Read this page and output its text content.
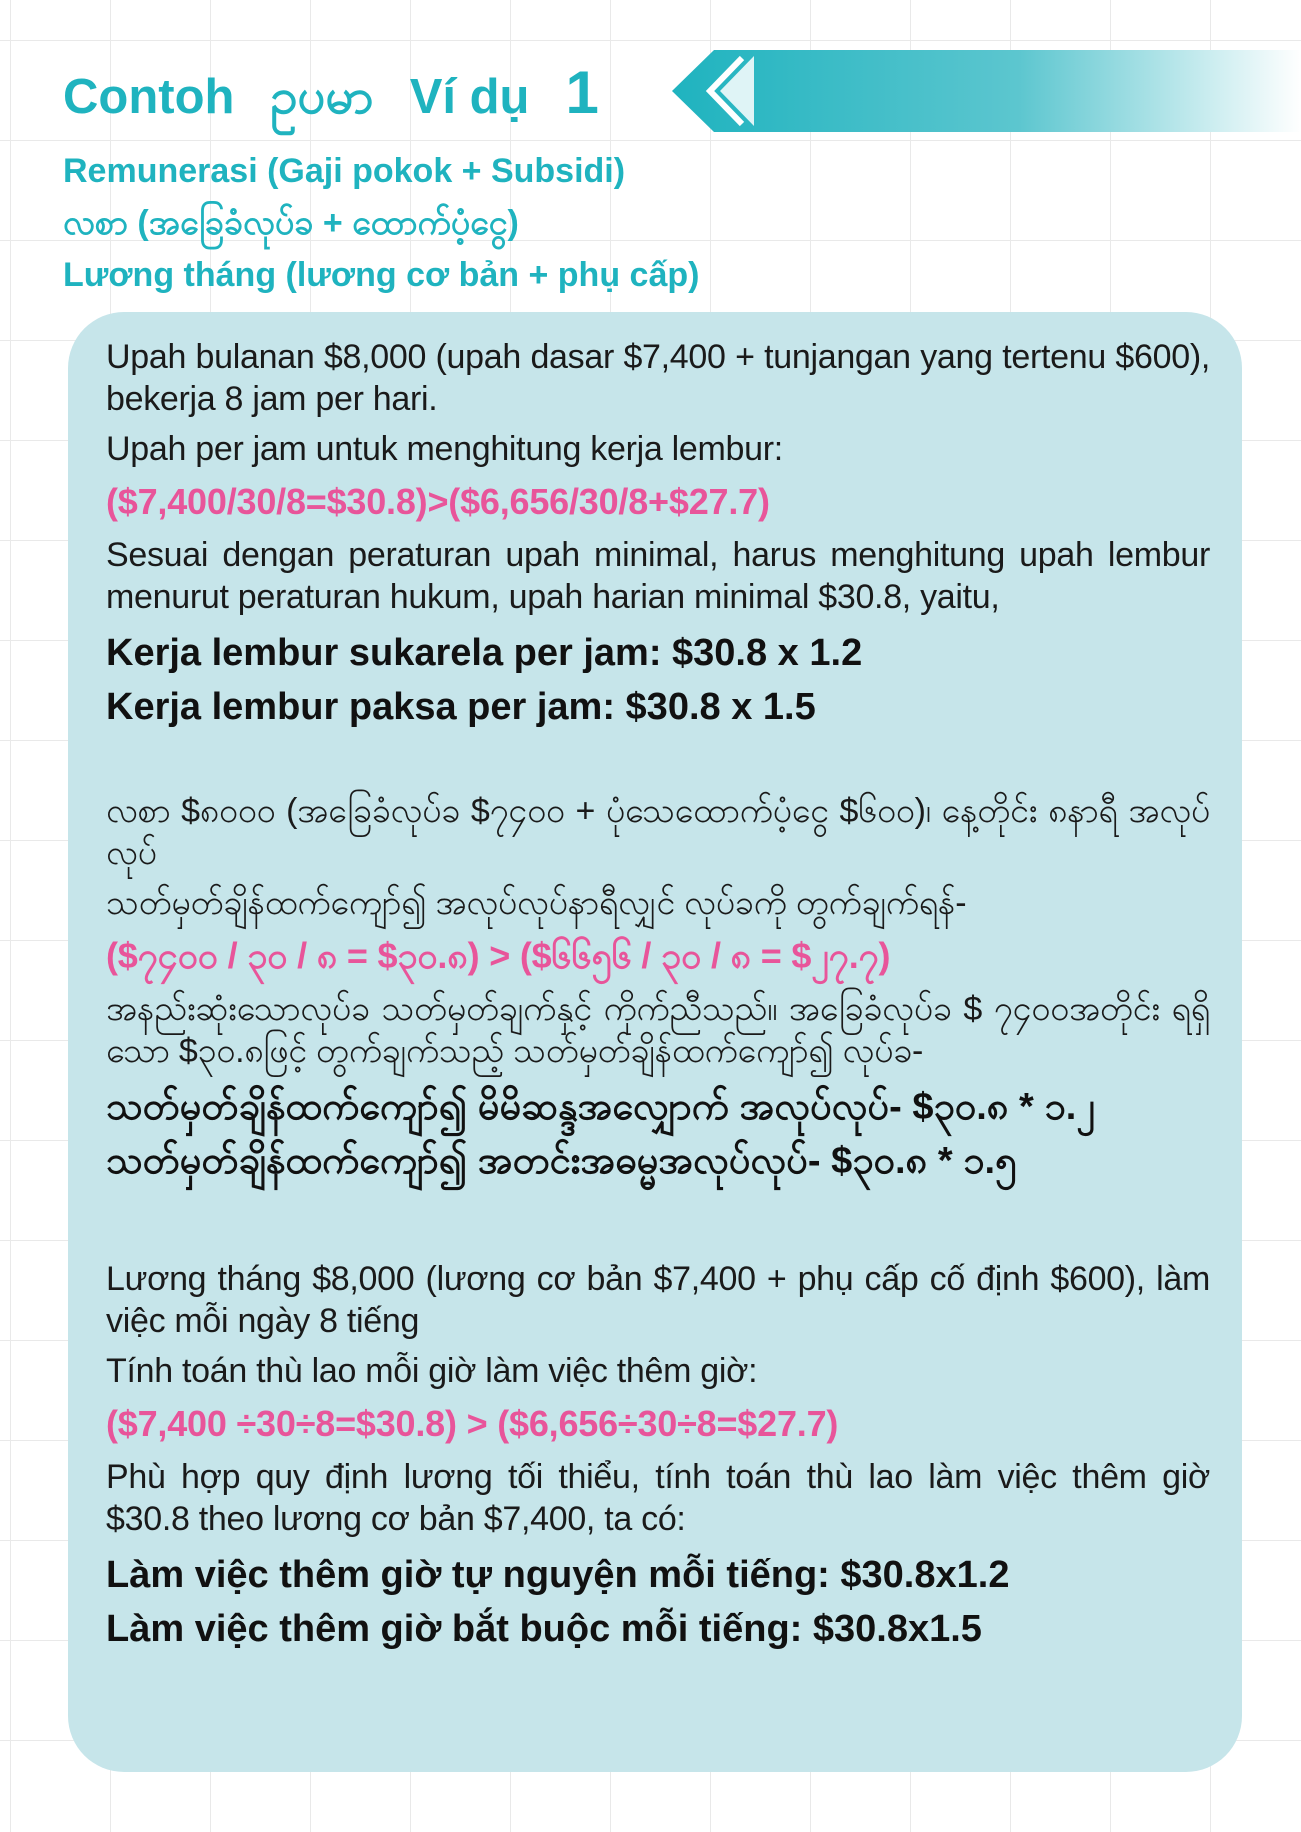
Contoh ဥပမာ Ví dụ 1
Remunerasi (Gaji pokok + Subsidi)
လစာ (အခြေခံလုပ်ခ + ထောက်ပံ့ငွေ)
Lương tháng (lương cơ bản + phụ cấp)

Upah bulanan $8,000 (upah dasar $7,400 + tunjangan yang tertenu $600), bekerja 8 jam per hari.

Upah per jam untuk menghitung kerja lembur:

($7,400/30/8=$30.8)>($6,656/30/8+$27.7)

Sesuai dengan peraturan upah minimal, harus menghitung upah lembur menurut peraturan hukum, upah harian minimal $30.8, yaitu,

Kerja lembur sukarela per jam: $30.8 x 1.2

Kerja lembur paksa per jam: $30.8 x 1.5

လစာ $၈၀၀၀ (အခြေခံလုပ်ခ $၇၄၀၀ + ပုံသေထောက်ပံ့ငွေ $၆၀၀)၊ နေ့တိုင်း ၈နာရီ အလုပ်လုပ်

သတ်မှတ်ချိန်ထက်ကျော်၍ အလုပ်လုပ်နာရီလျှင် လုပ်ခကို တွက်ချက်ရန်-

($၇၄၀၀ / ၃၀ / ၈ = $၃၀.၈) > ($၆၆၅၆ / ၃၀ / ၈ = $၂၇.၇)

အနည်းဆုံးသောလုပ်ခ သတ်မှတ်ချက်နှင့် ကိုက်ညီသည်။ အခြေခံလုပ်ခ $ ၇၄၀၀အတိုင်း ရရှိသော $၃၀.၈ဖြင့် တွက်ချက်သည့် သတ်မှတ်ချိန်ထက်ကျော်၍ လုပ်ခ-

သတ်မှတ်ချိန်ထက်ကျော်၍ မိမိဆန္ဒအလျှောက် အလုပ်လုပ်- $၃၀.၈ * ၁.၂

သတ်မှတ်ချိန်ထက်ကျော်၍ အတင်းအဓမ္မအလုပ်လုပ်- $၃၀.၈ * ၁.၅

Lương tháng $8,000 (lương cơ bản $7,400 + phụ cấp cố định $600), làm việc mỗi ngày 8 tiếng

Tính toán thù lao mỗi giờ làm việc thêm giờ:

($7,400 ÷30÷8=$30.8) > ($6,656÷30÷8=$27.7)

Phù hợp quy định lương tối thiểu, tính toán thù lao làm việc thêm giờ $30.8 theo lương cơ bản $7,400, ta có:

Làm việc thêm giờ tự nguyện mỗi tiếng: $30.8x1.2

Làm việc thêm giờ bắt buộc mỗi tiếng: $30.8x1.5
